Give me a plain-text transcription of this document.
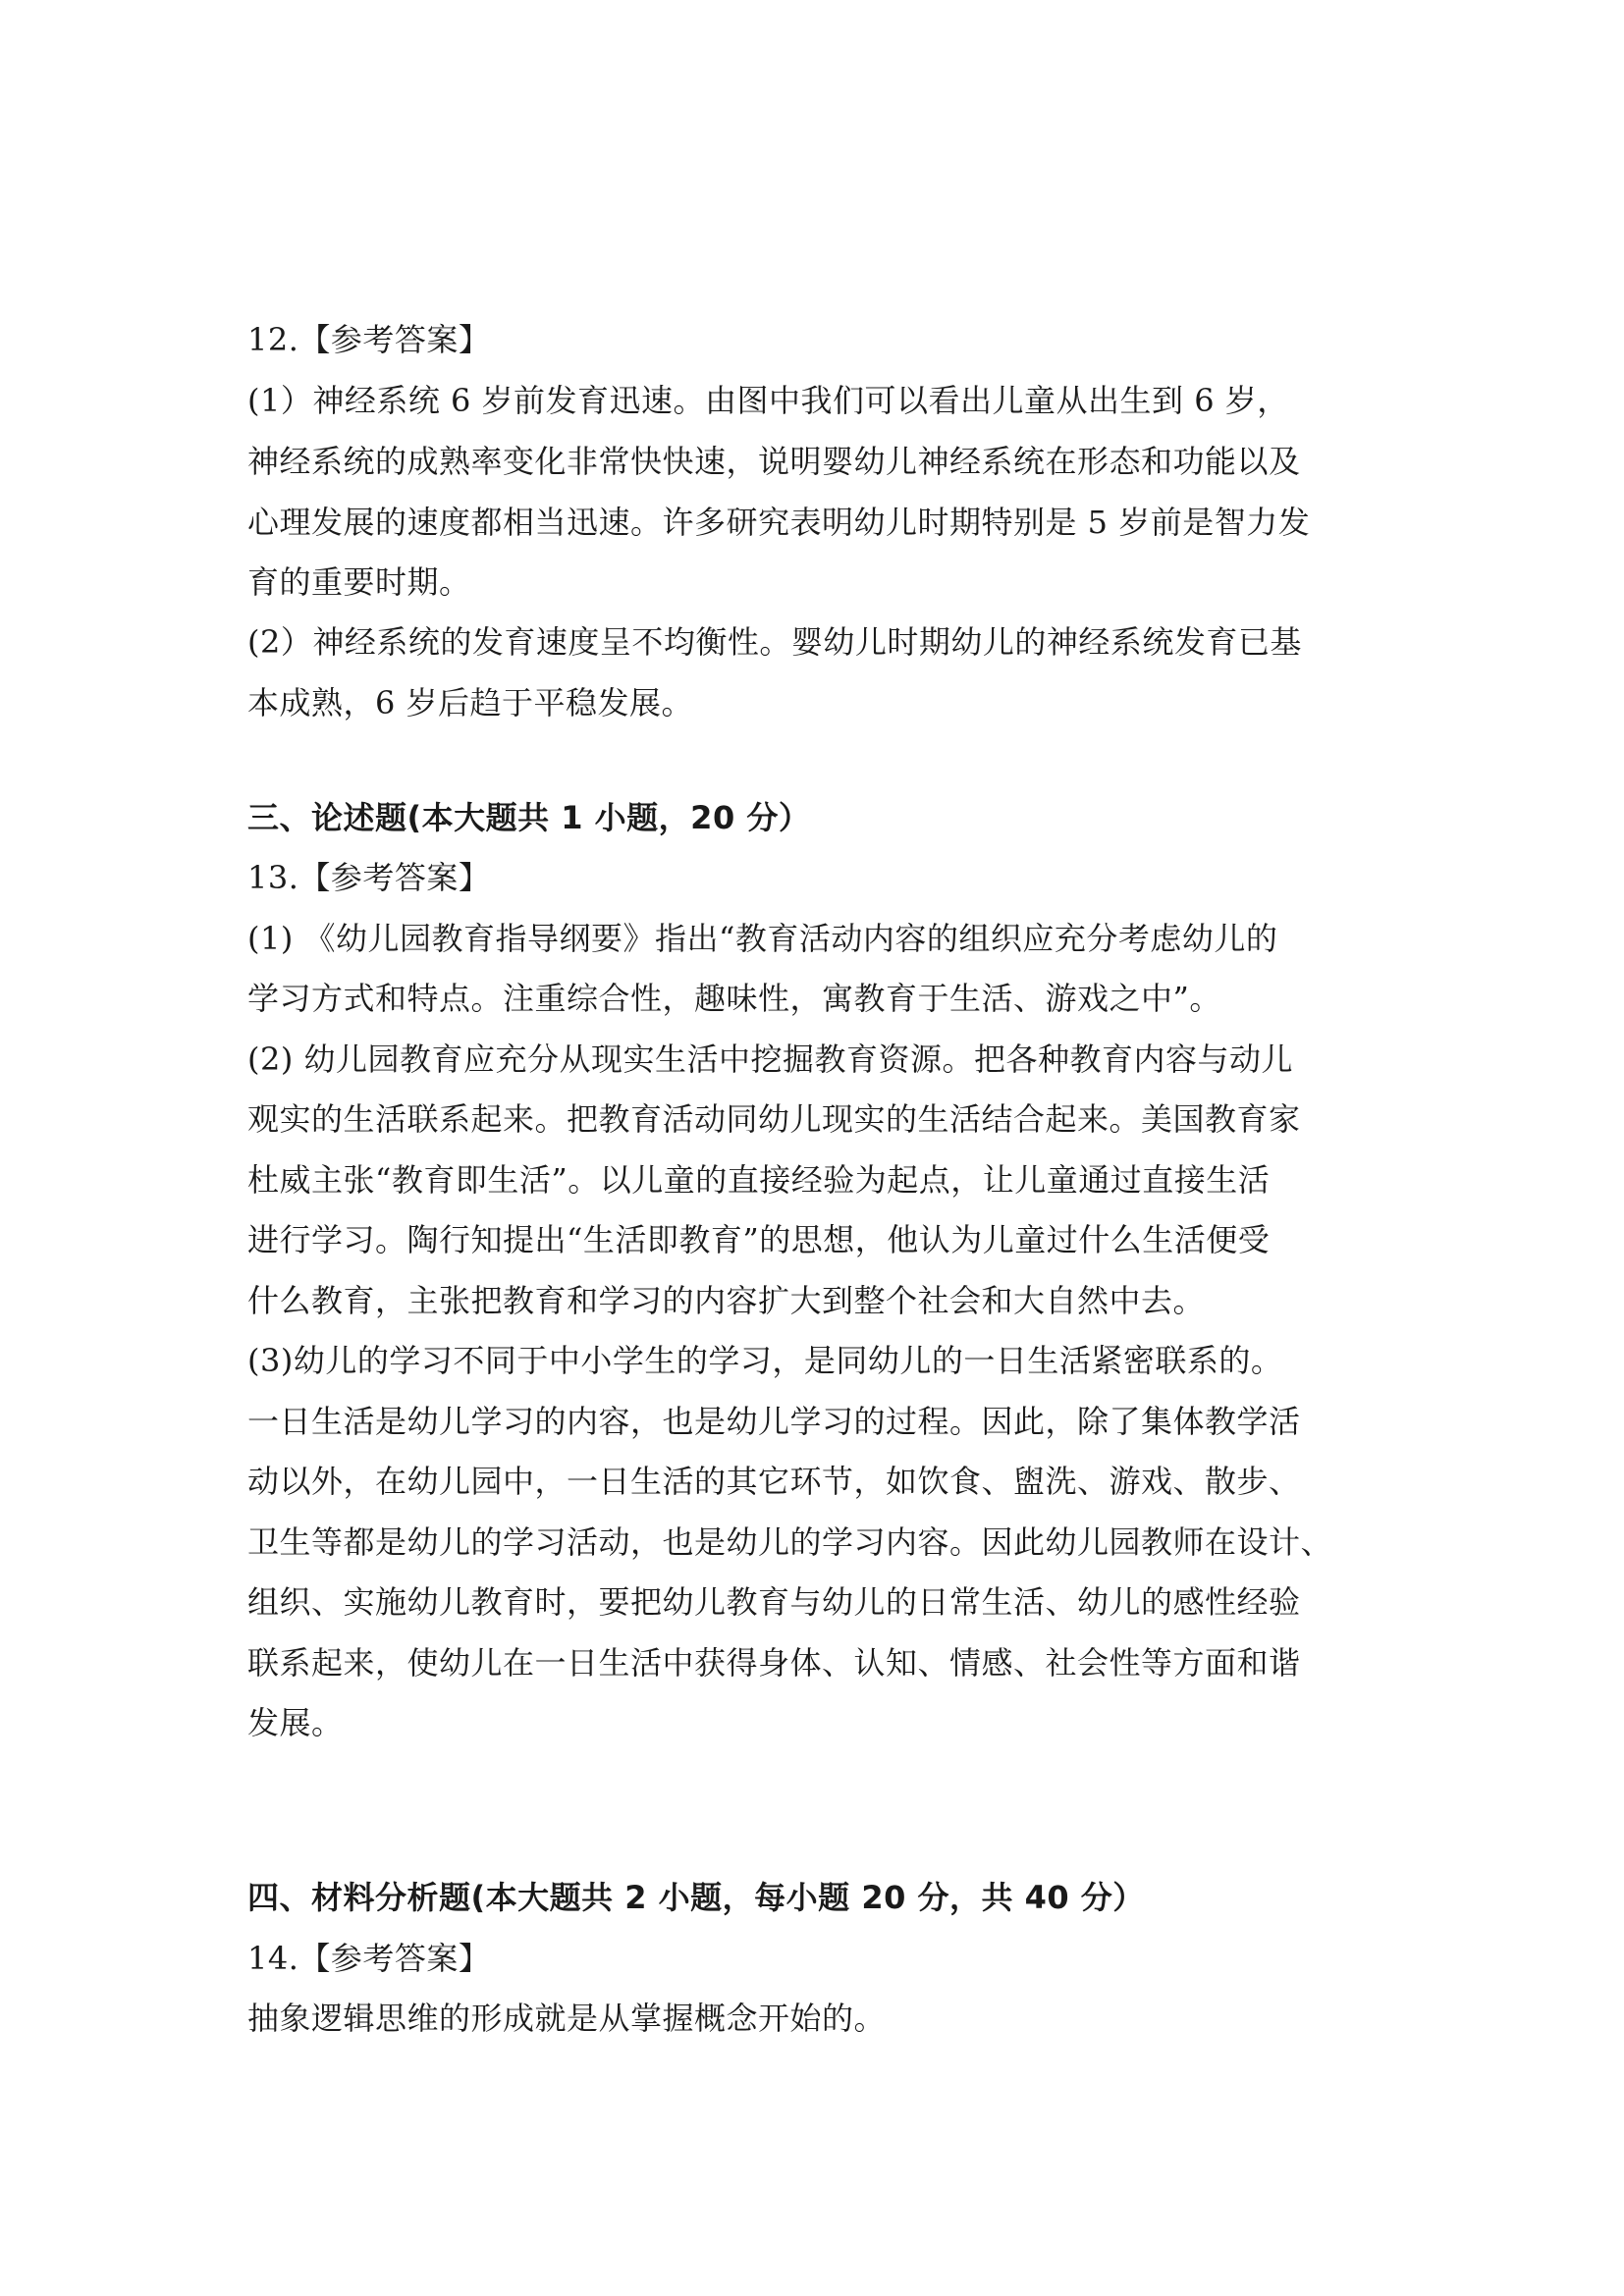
12.【参考答案】
(1）神经系统 6 岁前发育迅速。由图中我们可以看出儿童从出生到 6 岁，
神经系统的成熟率变化非常快快速，说明婴幼儿神经系统在形态和功能以及
心理发展的速度都相当迅速。许多研究表明幼儿时期特别是 5 岁前是智力发
育的重要时期。
(2）神经系统的发育速度呈不均衡性。婴幼儿时期幼儿的神经系统发育已基
本成熟，6 岁后趋于平稳发展。
三、论述题(本大题共 1 小题，20 分）
13.【参考答案】
(1) 《幼儿园教育指导纲要》指出“教育活动内容的组织应充分考虑幼儿的
学习方式和特点。注重综合性，趣味性，寓教育于生活、游戏之中”。
(2) 幼儿园教育应充分从现实生活中挖掘教育资源。把各种教育内容与动儿
观实的生活联系起来。把教育活动同幼儿现实的生活结合起来。美国教育家
杜威主张“教育即生活”。以儿童的直接经验为起点，让儿童通过直接生活
进行学习。陶行知提出“生活即教育”的思想，他认为儿童过什么生活便受
什么教育，主张把教育和学习的内容扩大到整个社会和大自然中去。
(3)幼儿的学习不同于中小学生的学习，是同幼儿的一日生活紧密联系的。
一日生活是幼儿学习的内容，也是幼儿学习的过程。因此，除了集体教学活
动以外，在幼儿园中，一日生活的其它环节，如饮食、盥洗、游戏、散步、
卫生等都是幼儿的学习活动，也是幼儿的学习内容。因此幼儿园教师在设计、
组织、实施幼儿教育时，要把幼儿教育与幼儿的日常生活、幼儿的感性经验
联系起来，使幼儿在一日生活中获得身体、认知、情感、社会性等方面和谐
发展。
四、材料分析题(本大题共 2 小题，每小题 20 分，共 40 分）
14.【参考答案】
抽象逻辑思维的形成就是从掌握概念开始的。
